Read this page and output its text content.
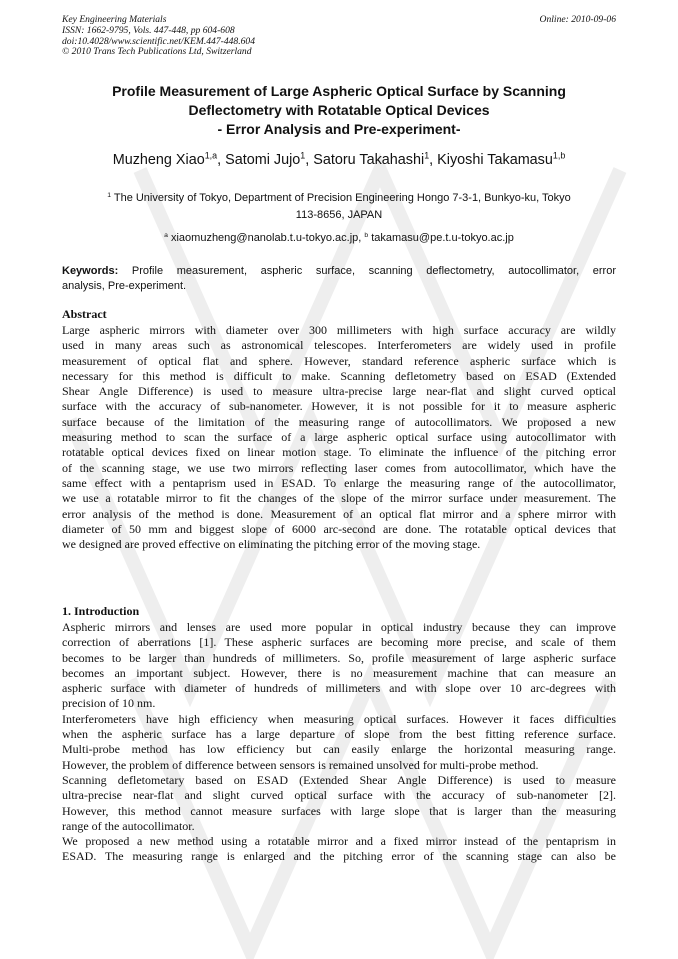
Key Engineering Materials
ISSN: 1662-9795, Vols. 447-448, pp 604-608
doi:10.4028/www.scientific.net/KEM.447-448.604
© 2010 Trans Tech Publications Ltd, Switzerland
Online: 2010-09-06
Profile Measurement of Large Aspheric Optical Surface by Scanning
Deflectometry with Rotatable Optical Devices
- Error Analysis and Pre-experiment-
Muzheng Xiao$^{1,a}$, Satomi Jujo$^1$, Satoru Takahashi$^1$, Kiyoshi Takamasu$^{1,b}$
$^1$ The University of Tokyo, Department of Precision Engineering Hongo 7-3-1, Bunkyo-ku, Tokyo
113-8656, JAPAN
$^a$ xiaomuzheng@nanolab.t.u-tokyo.ac.jp, $^b$ takamasu@pe.t.u-tokyo.ac.jp
Keywords: Profile measurement, aspheric surface, scanning deflectometry, autocollimator, error
analysis, Pre-experiment.
Abstract
Large aspheric mirrors with diameter over 300 millimeters with high surface accuracy are wildly
used in many areas such as astronomical telescopes. Interferometers are widely used in profile
measurement of optical flat and sphere. However, standard reference aspheric surface which is
necessary for this method is difficult to make. Scanning defletometry based on ESAD (Extended
Shear Angle Difference) is used to measure ultra-precise large near-flat and slight curved optical
surface with the accuracy of sub-nanometer. However, it is not possible for it to measure aspheric
surface because of the limitation of the measuring range of autocollimators. We proposed a new
measuring method to scan the surface of a large aspheric optical surface using autocollimator with
rotatable optical devices fixed on linear motion stage. To eliminate the influence of the pitching error
of the scanning stage, we use two mirrors reflecting laser comes from autocollimator, which have the
same effect with a pentaprism used in ESAD. To enlarge the measuring range of the autocollimator,
we use a rotatable mirror to fit the changes of the slope of the mirror surface under measurement. The
error analysis of the method is done. Measurement of an optical flat mirror and a sphere mirror with
diameter of 50 mm and biggest slope of 6000 arc-second are done. The rotatable optical devices that
we designed are proved effective on eliminating the pitching error of the moving stage.
1. Introduction
Aspheric mirrors and lenses are used more popular in optical industry because they can improve
correction of aberrations [1]. These aspheric surfaces are becoming more precise, and scale of them
becomes to be larger than hundreds of millimeters. So, profile measurement of large aspheric surface
becomes an important subject. However, there is no measurement machine that can measure an
aspheric surface with diameter of hundreds of millimeters and with slope over 10 arc-degrees with
precision of 10 nm.
Interferometers have high efficiency when measuring optical surfaces. However it faces difficulties
when the aspheric surface has a large departure of slope from the best fitting reference surface.
Multi-probe method has low efficiency but can easily enlarge the horizontal measuring range.
However, the problem of difference between sensors is remained unsolved for multi-probe method.
Scanning defletometary based on ESAD (Extended Shear Angle Difference) is used to measure
ultra-precise near-flat and slight curved optical surface with the accuracy of sub-nanometer [2].
However, this method cannot measure surfaces with large slope that is larger than the measuring
range of the autocollimator.
We proposed a new method using a rotatable mirror and a fixed mirror instead of the pentaprism in
ESAD. The measuring range is enlarged and the pitching error of the scanning stage can also be
